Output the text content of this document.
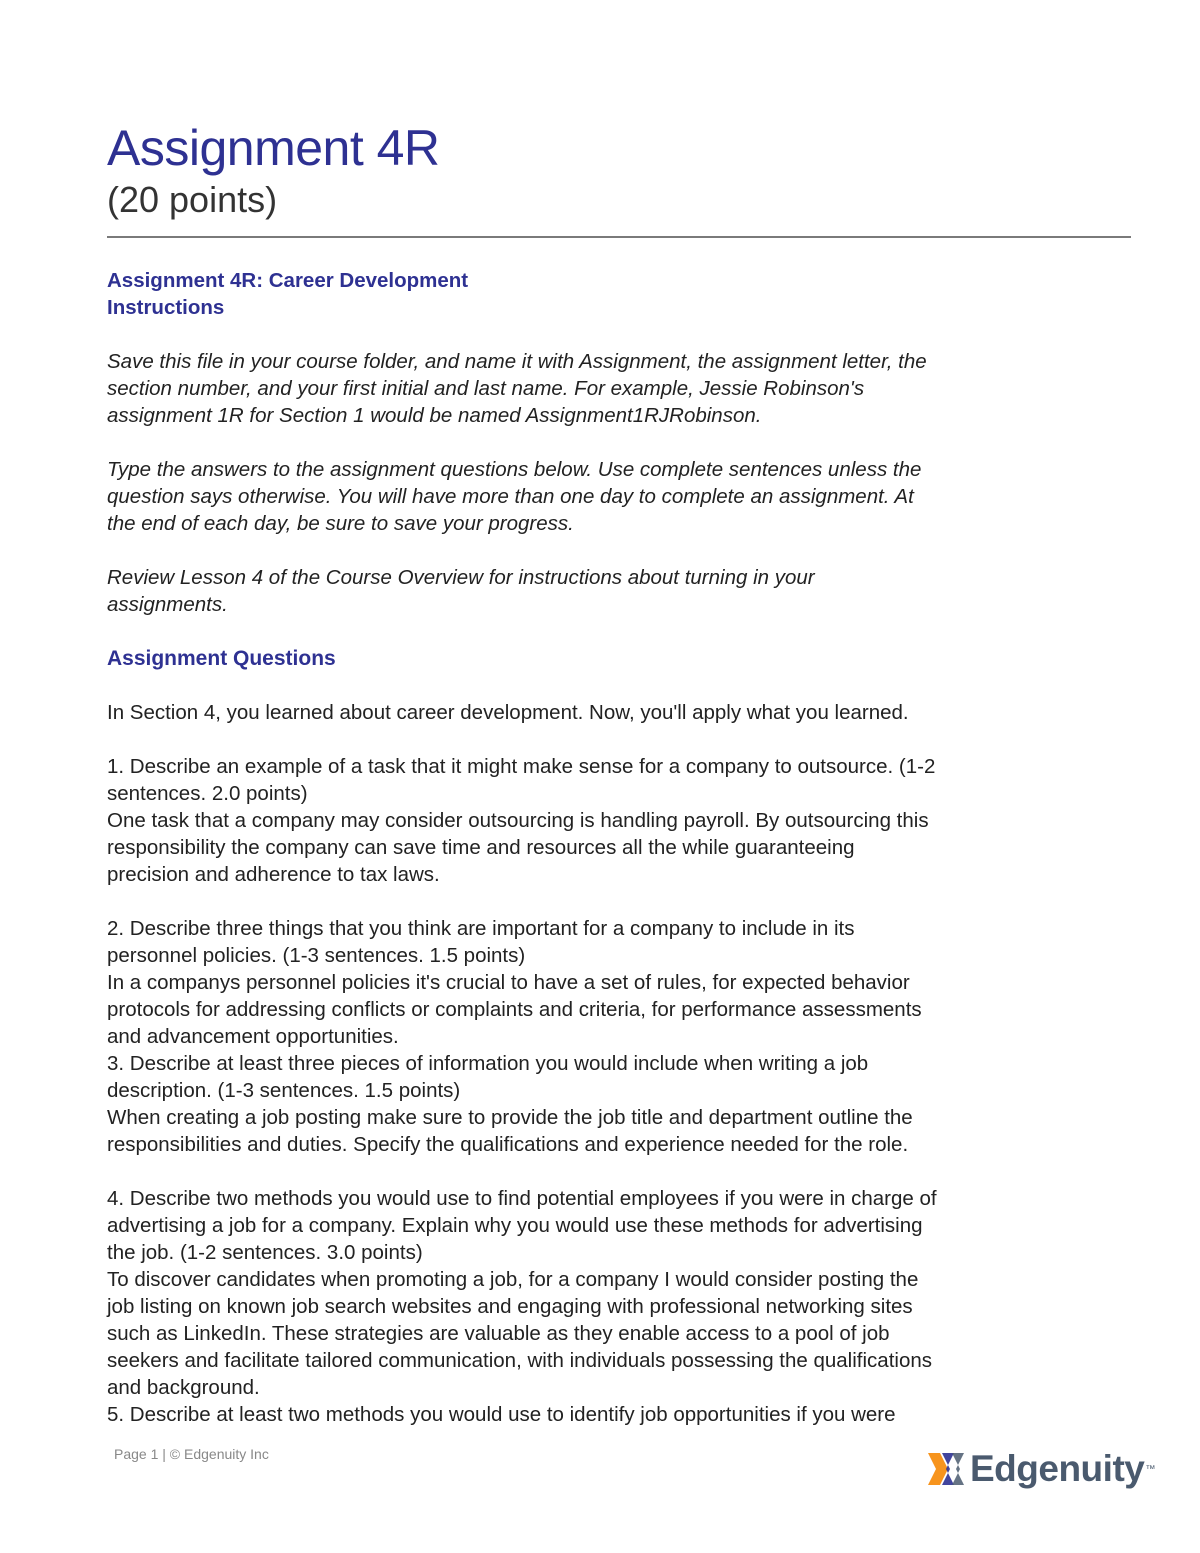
Assignment 4R
(20 points)

Assignment 4R: Career Development

Instructions

Save this file in your course folder, and name it with Assignment, the assignment letter, the

section number, and your first initial and last name. For example, Jessie Robinson's

assignment 1R for Section 1 would be named Assignment1RJRobinson.

Type the answers to the assignment questions below. Use complete sentences unless the

question says otherwise. You will have more than one day to complete an assignment. At

the end of each day, be sure to save your progress.

Review Lesson 4 of the Course Overview for instructions about turning in your

assignments.

Assignment Questions

In Section 4, you learned about career development. Now, you'll apply what you learned.

1. Describe an example of a task that it might make sense for a company to outsource. (1-2

sentences. 2.0 points)

One task that a company may consider outsourcing is handling payroll. By outsourcing this

responsibility the company can save time and resources all the while guaranteeing

precision and adherence to tax laws.

2. Describe three things that you think are important for a company to include in its

personnel policies. (1-3 sentences. 1.5 points)

In a companys personnel policies it's crucial to have a set of rules, for expected behavior

protocols for addressing conflicts or complaints and criteria, for performance assessments

and advancement opportunities.

3. Describe at least three pieces of information you would include when writing a job

description. (1-3 sentences. 1.5 points)

When creating a job posting make sure to provide the job title and department outline the

responsibilities and duties. Specify the qualifications and experience needed for the role.

4. Describe two methods you would use to find potential employees if you were in charge of

advertising a job for a company. Explain why you would use these methods for advertising

the job. (1-2 sentences. 3.0 points)

To discover candidates when promoting a job, for a company I would consider posting the

job listing on known job search websites and engaging with professional networking sites

such as LinkedIn. These strategies are valuable as they enable access to a pool of job

seekers and facilitate tailored communication, with individuals possessing the qualifications

and background.

5. Describe at least two methods you would use to identify job opportunities if you were

Page 1 | © Edgenuity Inc	Edgenuity ™
